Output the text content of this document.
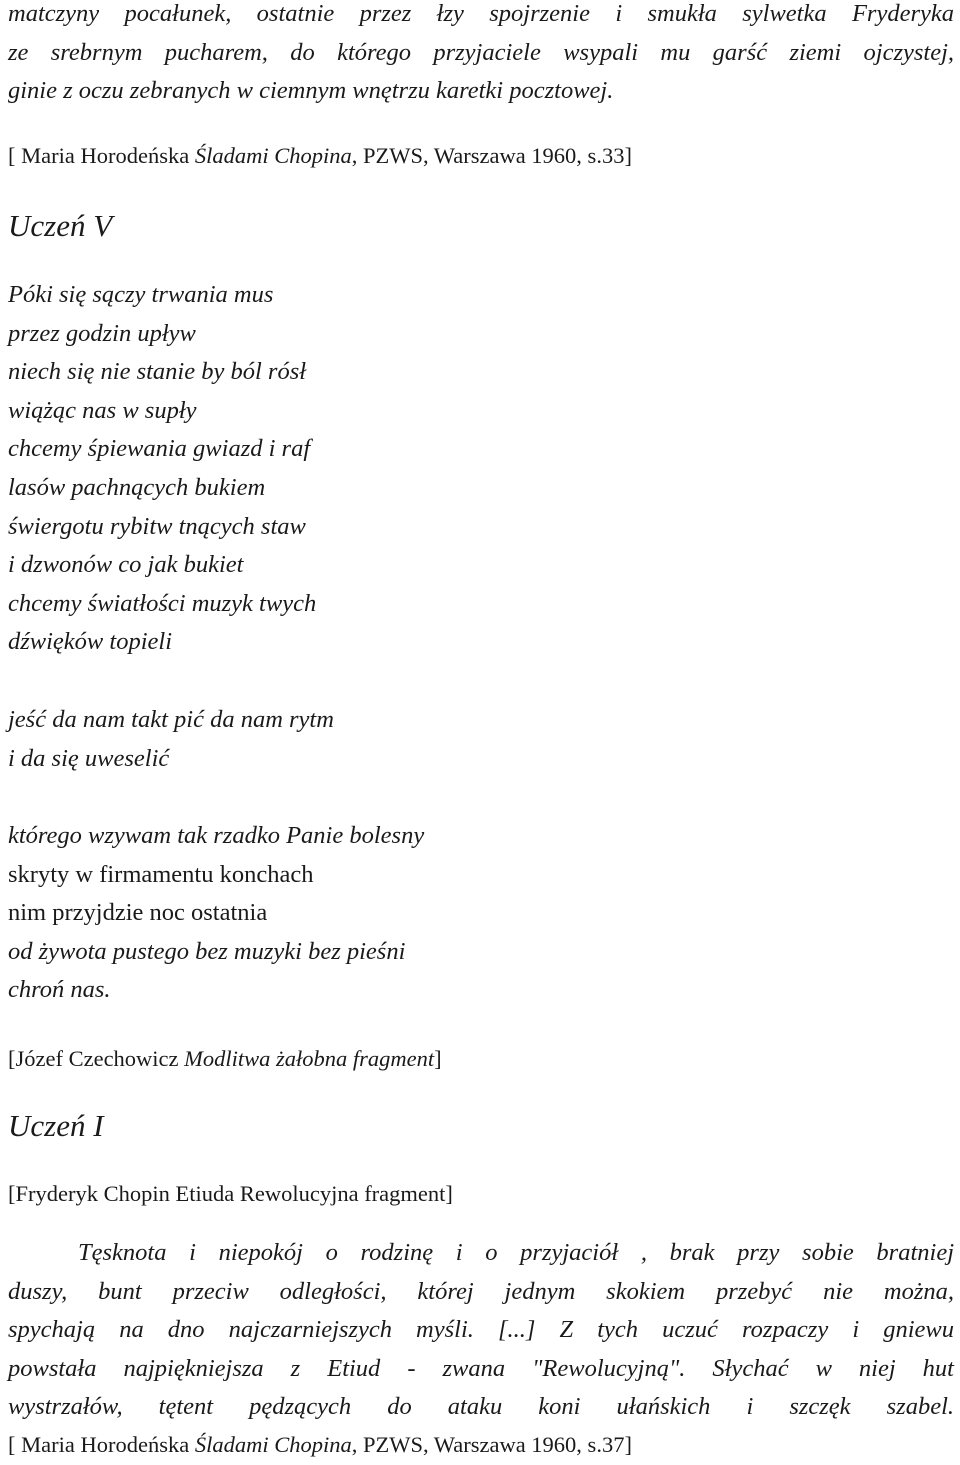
matczyny pocałunek, ostatnie przez łzy spojrzenie i smukła sylwetka Fryderyka
ze srebrnym pucharem, do którego przyjaciele wsypali mu garść ziemi ojczystej,
ginie z oczu zebranych w ciemnym wnętrzu karetki pocztowej.
[ Maria Horodeńska Śladami Chopina, PZWS, Warszawa 1960, s.33]
Uczeń V
Póki się sączy trwania mus
przez godzin upływ
niech się nie stanie by ból rósł
wiążąc nas w supły
chcemy śpiewania gwiazd i raf
lasów pachnących bukiem
świergotu rybitw tnących staw
i dzwonów co jak bukiet
chcemy światłości muzyk twych
dźwięków topieli
jeść da nam takt pić da nam rytm
i da się uweselić
którego wzywam tak rzadko Panie bolesny
skryty w firmamentu konchach
nim przyjdzie noc ostatnia
od żywota pustego bez muzyki bez pieśni
chroń nas.
[Józef Czechowicz Modlitwa żałobna fragment]
Uczeń I
[Fryderyk Chopin Etiuda Rewolucyjna fragment]
Tęsknota i niepokój o rodzinę i o przyjaciół , brak przy sobie bratniej
duszy, bunt przeciw odległości, której jednym skokiem przebyć nie można,
spychają na dno najczarniejszych myśli. [...] Z tych uczuć rozpaczy i gniewu
powstała najpiękniejsza z Etiud - zwana "Rewolucyjną". Słychać w niej hut
wystrzałów, tętent pędzących do ataku koni ułańskich i szczęk szabel.
[ Maria Horodeńska Śladami Chopina, PZWS, Warszawa 1960, s.37]
